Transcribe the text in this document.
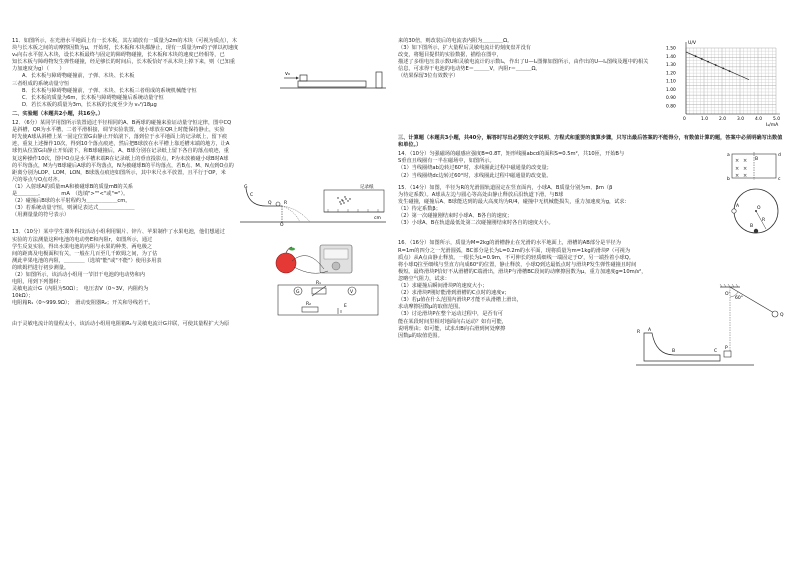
11．如图所示，在光滑水平地面上有一长木板，其左端放有一质量为2m的木块（可视为质点），木

块与长木板之间的动摩擦因数为μ，开始时，长木板和木块都静止，现有一质量为m的子弹以初速度

v₀向右水平射入木块，设长木板最终与固定的障碍物碰撞，长木板和木块的速度已经相等，已

知长木板与障碍物发生弹性碰撞，经足够长的时间后，长木板恰好不从木块上掉下来，则（已知重

v₀

力加速度为g）（　　）

A．长木板与障碍物碰撞前，子弹、木块、长木板

三者组成的系统动量守恒

B．长木板与障碍物碰撞前，子弹、木块、长木板三者组成的系统机械能守恒

C．长木板的质量为6m，长木板与障碍物碰撞后系统动量守恒

D．若长木板的质量为3m，长木板的长度至少为 v₀²/18μg

二、实验题（本题共2小题，共16分。）

12．（6分）某同学用图所示装置通过半径相同的A、B两球的碰撞来验证动量守恒定律，图中CQ

是斜槽，QR为水平槽，二者平滑相接，调节实验装置，使小球放在QR上时能保持静止，实验

时先使A球从斜槽上某一固定位置G由静止开始滚下，落到位于水平地面上的记录纸上，留下痕

迹，重复上述操作10次，得到10个落点痕迹，然后把B球放在水平槽上靠近槽末端的地方，让A

球仍从位置G由静止开始滚下，和B球碰撞后，A、B球分别在记录纸上留下各自的落点痕迹，重

复这种操作10次，图中O点是水平槽末端R在记录纸上的垂直投影点，P为未放被碰小球B时A球

的平均落点，M为与B球碰后A球的平均落点，N为被碰球B的平均落点，若B点、M、N点到O点的

距离分别为LOP、LOM、LON，B球落点痕迹如图所示，其中米尺水平放置，且平行于OP，米

尺的零点与O点对齐。

G
C
Q	R
O
记录纸
cm

（1）入射球A的质量mA和被碰球B的质量mB的关系

是＿＿＿＿。　　　　mA　（选填">""<"或"="）。

（2）碰撞后B球的水平射程约为＿＿＿＿＿＿cm。

（3）若系统动量守恒，则满足表达式＿＿＿＿＿＿＿

（用测量量的符号表示）

13．（10分）某中学生课外科技活动小组利用铜片、锌片、苹果制作了水果电池，他们想通过

G
R₁
R₂
V
E

实验的方法测量这种电池的电动势E和内阻r，如图所示，通过

学生反复实验，得出水果电池的内阻与水果的种类、两电极之

间的距离及电极面积有关，一般在几百至几千欧姆之间，为了估

测此苹果电池的内阻，＿＿＿＿（选填"能"或"不能"）使用多用表

的欧姆档进行初步测量。

（2）如图所示，该活动小组用一节旧干电池的电动势和内

电阻，用到下列器材：

灵敏电流计G（内阻为50Ω）；　电压表V（0~3V，内阻约为

10kΩ）；

电阻箱R₁（0~999.9Ω）；　滑动变阻器R₂；开关和导线若干。

由于灵敏电流计的量程太小，该活动小组用电阻箱R₁与灵敏电流计G并联，可使其量程扩大为原

1.50
1.40
1.30
1.20
1.10
1.00
0.90
0.80
0	1.0	2.0	3.0	4.0	5.0
U/V
Iₐ/mA

来的30倍，则改装后的电流表内阻为＿＿＿＿Ω。

（3）如下图所示，扩大量程后灵敏电流计的刻度盘并没有

改变，将题目提供的实验数据，描绘在图中，

描述了多组电压表示数U和灵敏电流计的示数Iₐ，作出了U—Iₐ图像如图所示，由作出的U—Iₐ图线及题中的相关

信息，可求得干电池的电动势E＝＿＿＿V，内阻r＝＿＿＿Ω。

（结果保留3位有效数字）

三、计算题（本题共3小题，共40分，解答时写出必要的文字说明、方程式和重要的演算步骤，只写出最后答案的不能得分，有数值计算的题，答案中必须明确写出数值和单位。）

× ×
× ×
× ×
a
b	c
d
B

14．（10分）匀强磁场的磁感应强度B=0.8T，矩形线圈abcd的面积S=0.5m²，共10匝，开始B与

S垂直且线圈有一半在磁场中，如图所示。

（1）当线圈绕ab边转过60°时，求线圈此过程中磁通量的改变量；

（2）当线圈绕dc边转过60°时，求线圈此过程中磁通量的改变量。

A
B
O
R

15．（14分）如图，半径为R的光滑圆轨道固定在竖直面内，小球A、B质量分别为m、βm（β

为待定系数）。A球从左边与圆心等高处由静止释放后沿轨道下滑，与B球

发生碰撞，碰撞后A、B球能达到的最大高度均为R/4，碰撞中无机械能损失，重力加速度为g，试求：

（1）待定系数β；

（2）第一次碰撞刚结束时小球A、B各自的速度；

（3）小球A、B在轨道最低处第二次碰撞刚结束时各自的速度大小。

16．（16分）如图所示，质量为M=2kg的滑槽静止在光滑的水平地面上，滑槽的AB部分是半径为

R=1m的四分之一光滑圆弧，BC部分是长为L=0.2m的水平面，现将质量为m=1kg的滑块P（可视为

质点）从A点由静止释放。一根长为L=0.9m，不可伸长的轻质细线一端固定于O'，另一端拴着小球Q。

将小球Q拉至细线与竖直方向成60°的位置，静止释放，小球Q到达最低点时与滑块P发生弹性碰撞且时间

极短。最终滑块P恰好不从滑槽的C端滑出，滑块P与滑槽BC段间的动摩擦因数为μ，重力加速度g=10m/s²，

忽略空气阻力，试求：

O'
60°
Q
A
B	C
R
P

（1）求碰撞后瞬间滑块P的速度大小；

（2）求滑块P刚好能滑到滑槽的C点时的速度v；

（3）若μ值在什么范围内滑块P才能不从滑槽上滑出，

求动摩擦因数μ的取值范围。

（3）讨论滑块P在整个运动过程中，是否有可

能在某段时间里相对地面向右运动？如有可能，

说明理由；如可能，试求出B向右滑到何处摩擦

因数μ的取值范围。
